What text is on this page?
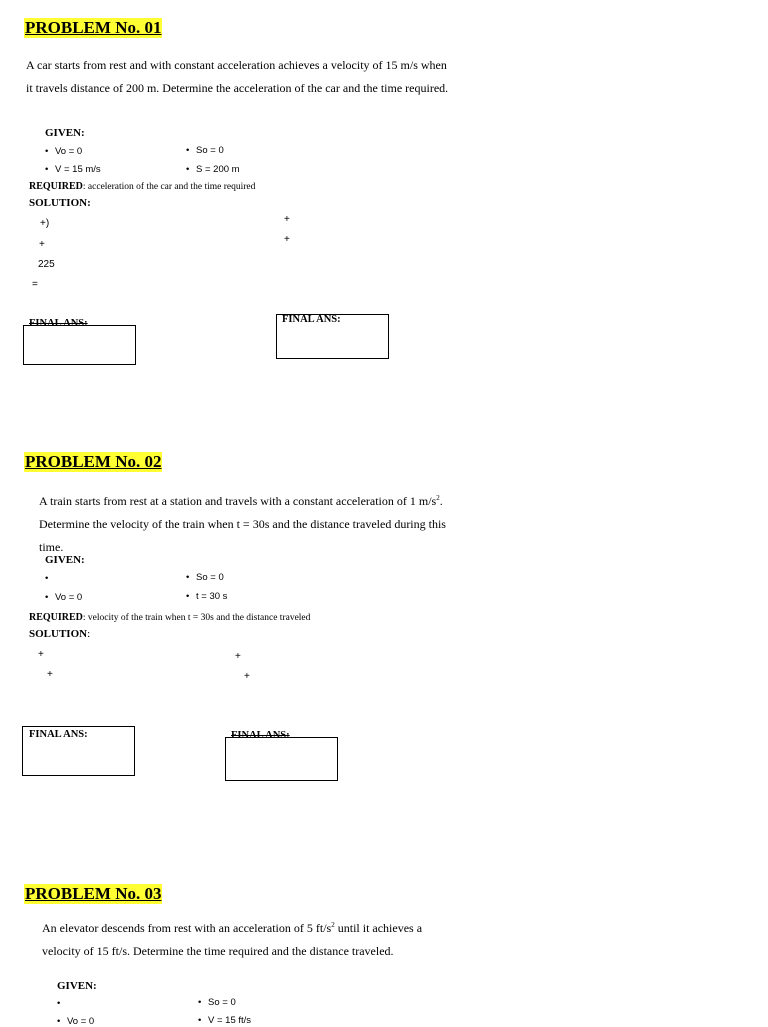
PROBLEM No. 01
A car starts from rest and with constant acceleration achieves a velocity of 15 m/s when it travels distance of 200 m. Determine the acceleration of the car and the time required.
GIVEN:
• Vo = 0
• V = 15 m/s
• So = 0
• S = 200 m
REQUIRED: acceleration of the car and the time required
SOLUTION:
+)
+
225
=
+
+
FINAL ANS:	FINAL ANS:
PROBLEM No. 02
A train starts from rest at a station and travels with a constant acceleration of 1 $m/s^2$. Determine the velocity of the train when t = 30s and the distance traveled during this time.
GIVEN:
•
• Vo = 0
• So = 0
• t = 30 s
REQUIRED: velocity of the train when t = 30s and the distance traveled
SOLUTION:
+
+
+
+
FINAL ANS:	FINAL ANS:
PROBLEM No. 03
An elevator descends from rest with an acceleration of 5 $ft/s^2$ until it achieves a velocity of 15 ft/s. Determine the time required and the distance traveled.
GIVEN:
•
• Vo = 0
• So = 0
• V = 15 ft/s
